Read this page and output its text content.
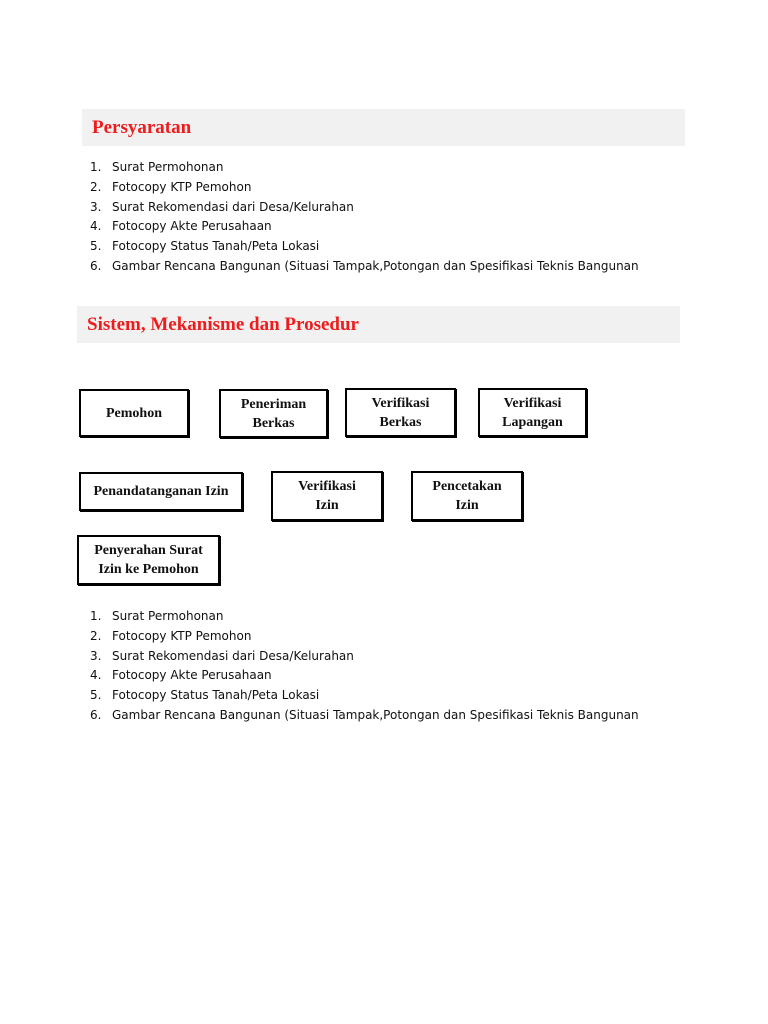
Persyaratan
1. Surat Permohonan
2. Fotocopy KTP Pemohon
3. Surat Rekomendasi dari Desa/Kelurahan
4. Fotocopy Akte Perusahaan
5. Fotocopy Status Tanah/Peta Lokasi
6. Gambar Rencana Bangunan (Situasi Tampak,Potongan dan Spesifikasi Teknis Bangunan
Sistem, Mekanisme dan Prosedur
Pemohon
Peneriman
Berkas
Verifikasi
Berkas
Verifikasi
Lapangan
Penandatanganan Izin	Verifikasi
Izin
Pencetakan
Izin
Penyerahan Surat
Izin ke Pemohon
1. Surat Permohonan
2. Fotocopy KTP Pemohon
3. Surat Rekomendasi dari Desa/Kelurahan
4. Fotocopy Akte Perusahaan
5. Fotocopy Status Tanah/Peta Lokasi
6. Gambar Rencana Bangunan (Situasi Tampak,Potongan dan Spesifikasi Teknis Bangunan
